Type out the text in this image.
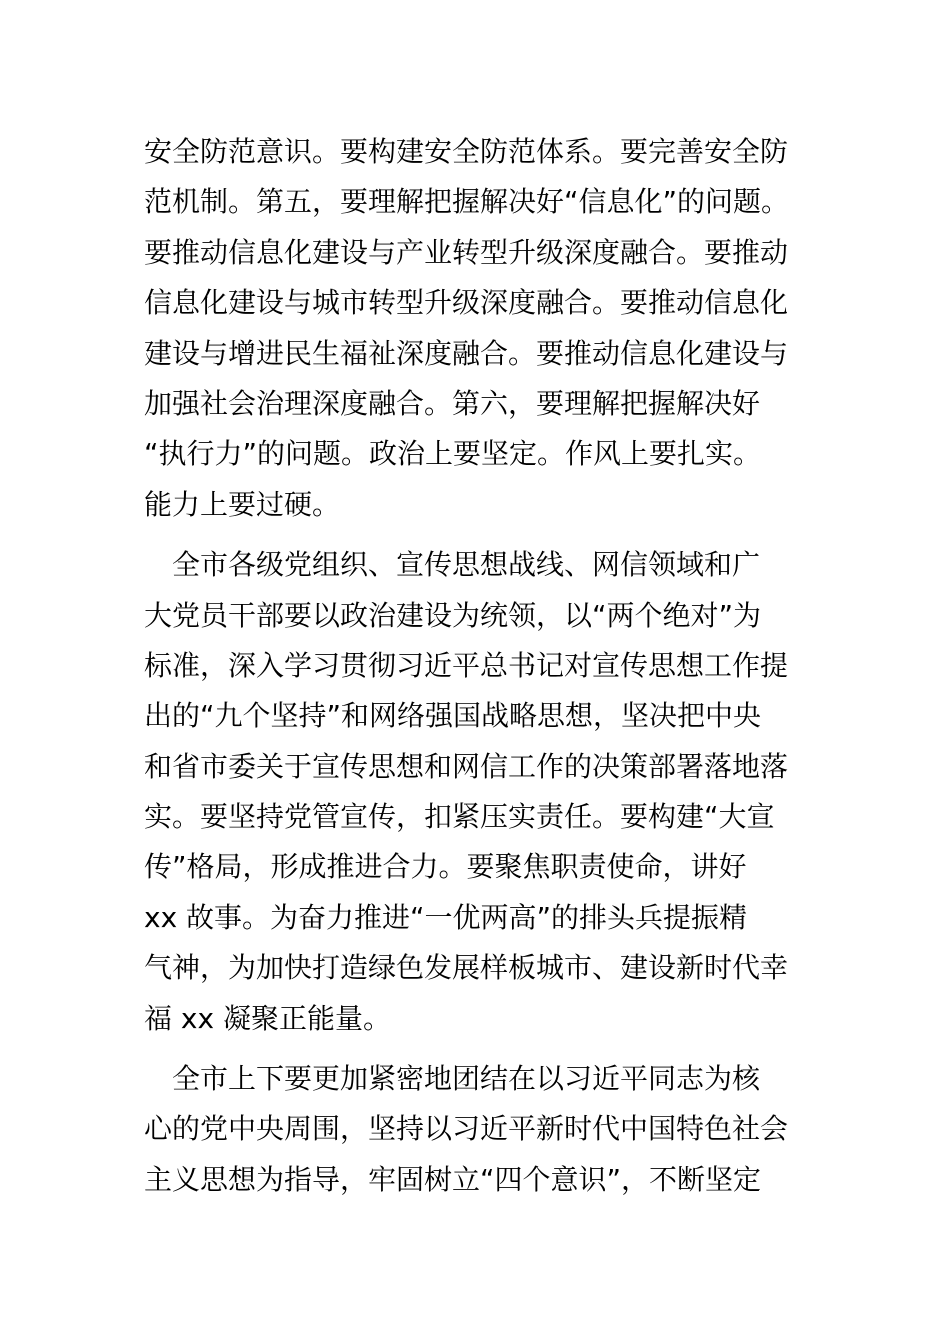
安全防范意识。要构建安全防范体系。要完善安全防
范机制。第五，要理解把握解决好“信息化”的问题。
要推动信息化建设与产业转型升级深度融合。要推动
信息化建设与城市转型升级深度融合。要推动信息化
建设与增进民生福祉深度融合。要推动信息化建设与
加强社会治理深度融合。第六，要理解把握解决好
“执行力”的问题。政治上要坚定。作风上要扎实。
能力上要过硬。
　全市各级党组织、宣传思想战线、网信领域和广
大党员干部要以政治建设为统领，以“两个绝对”为
标准，深入学习贯彻习近平总书记对宣传思想工作提
出的“九个坚持”和网络强国战略思想，坚决把中央
和省市委关于宣传思想和网信工作的决策部署落地落
实。要坚持党管宣传，扣紧压实责任。要构建“大宣
传”格局，形成推进合力。要聚焦职责使命，讲好
xx 故事。为奋力推进“一优两高”的排头兵提振精
气神，为加快打造绿色发展样板城市、建设新时代幸
福 xx 凝聚正能量。
　全市上下要更加紧密地团结在以习近平同志为核
心的党中央周围，坚持以习近平新时代中国特色社会
主义思想为指导，牢固树立“四个意识”，不断坚定
